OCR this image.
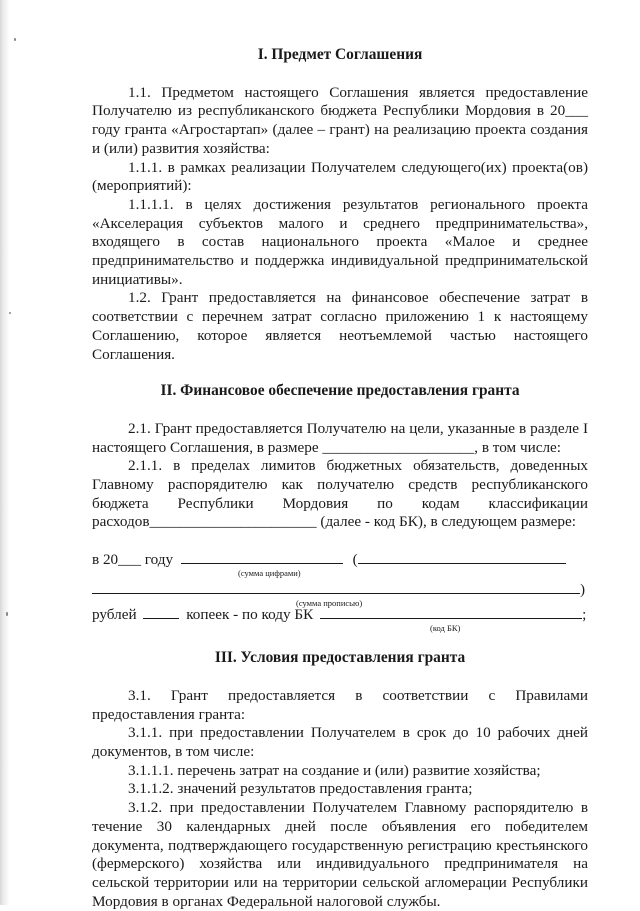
I. Предмет Соглашения

1.1. Предметом настоящего Соглашения является предоставление Получателю из республиканского бюджета Республики Мордовия в 20___ году гранта «Агростартап» (далее – грант) на реализацию проекта создания и (или) развития хозяйства:

1.1.1. в рамках реализации Получателем следующего(их) проекта(ов) (мероприятий):

1.1.1.1. в целях достижения результатов регионального проекта «Акселерация субъектов малого и среднего предпринимательства», входящего в состав национального проекта «Малое и среднее предпринимательство и поддержка индивидуальной предпринимательской инициативы».

1.2. Грант предоставляется на финансовое обеспечение затрат в соответствии с перечнем затрат согласно приложению 1 к настоящему Соглашению, которое является неотъемлемой частью настоящего Соглашения.

II. Финансовое обеспечение предоставления гранта

2.1. Грант предоставляется Получателю на цели, указанные в разделе I настоящего Соглашения, в размере ____________________, в том числе:

2.1.1. в пределах лимитов бюджетных обязательств, доведенных Главному распорядителю как получателю средств республиканского бюджета Республики Мордовия по кодам классификации расходов______________________ (далее - код БК), в следующем размере:

в 20___ году	(
(сумма цифрами)
)
(сумма прописью)
рублей	копеек - по коду БК	;
(код БК)
III. Условия предоставления гранта

3.1. Грант предоставляется в соответствии с Правилами предоставления гранта:

3.1.1. при предоставлении Получателем в срок до 10 рабочих дней документов, в том числе:

3.1.1.1. перечень затрат на создание и (или) развитие хозяйства;

3.1.1.2. значений результатов предоставления гранта;

3.1.2. при предоставлении Получателем Главному распорядителю в течение 30 календарных дней после объявления его победителем документа, подтверждающего государственную регистрацию крестьянского (фермерского) хозяйства или индивидуального предпринимателя на сельской территории или на территории сельской агломерации Республики Мордовия в органах Федеральной налоговой службы.
